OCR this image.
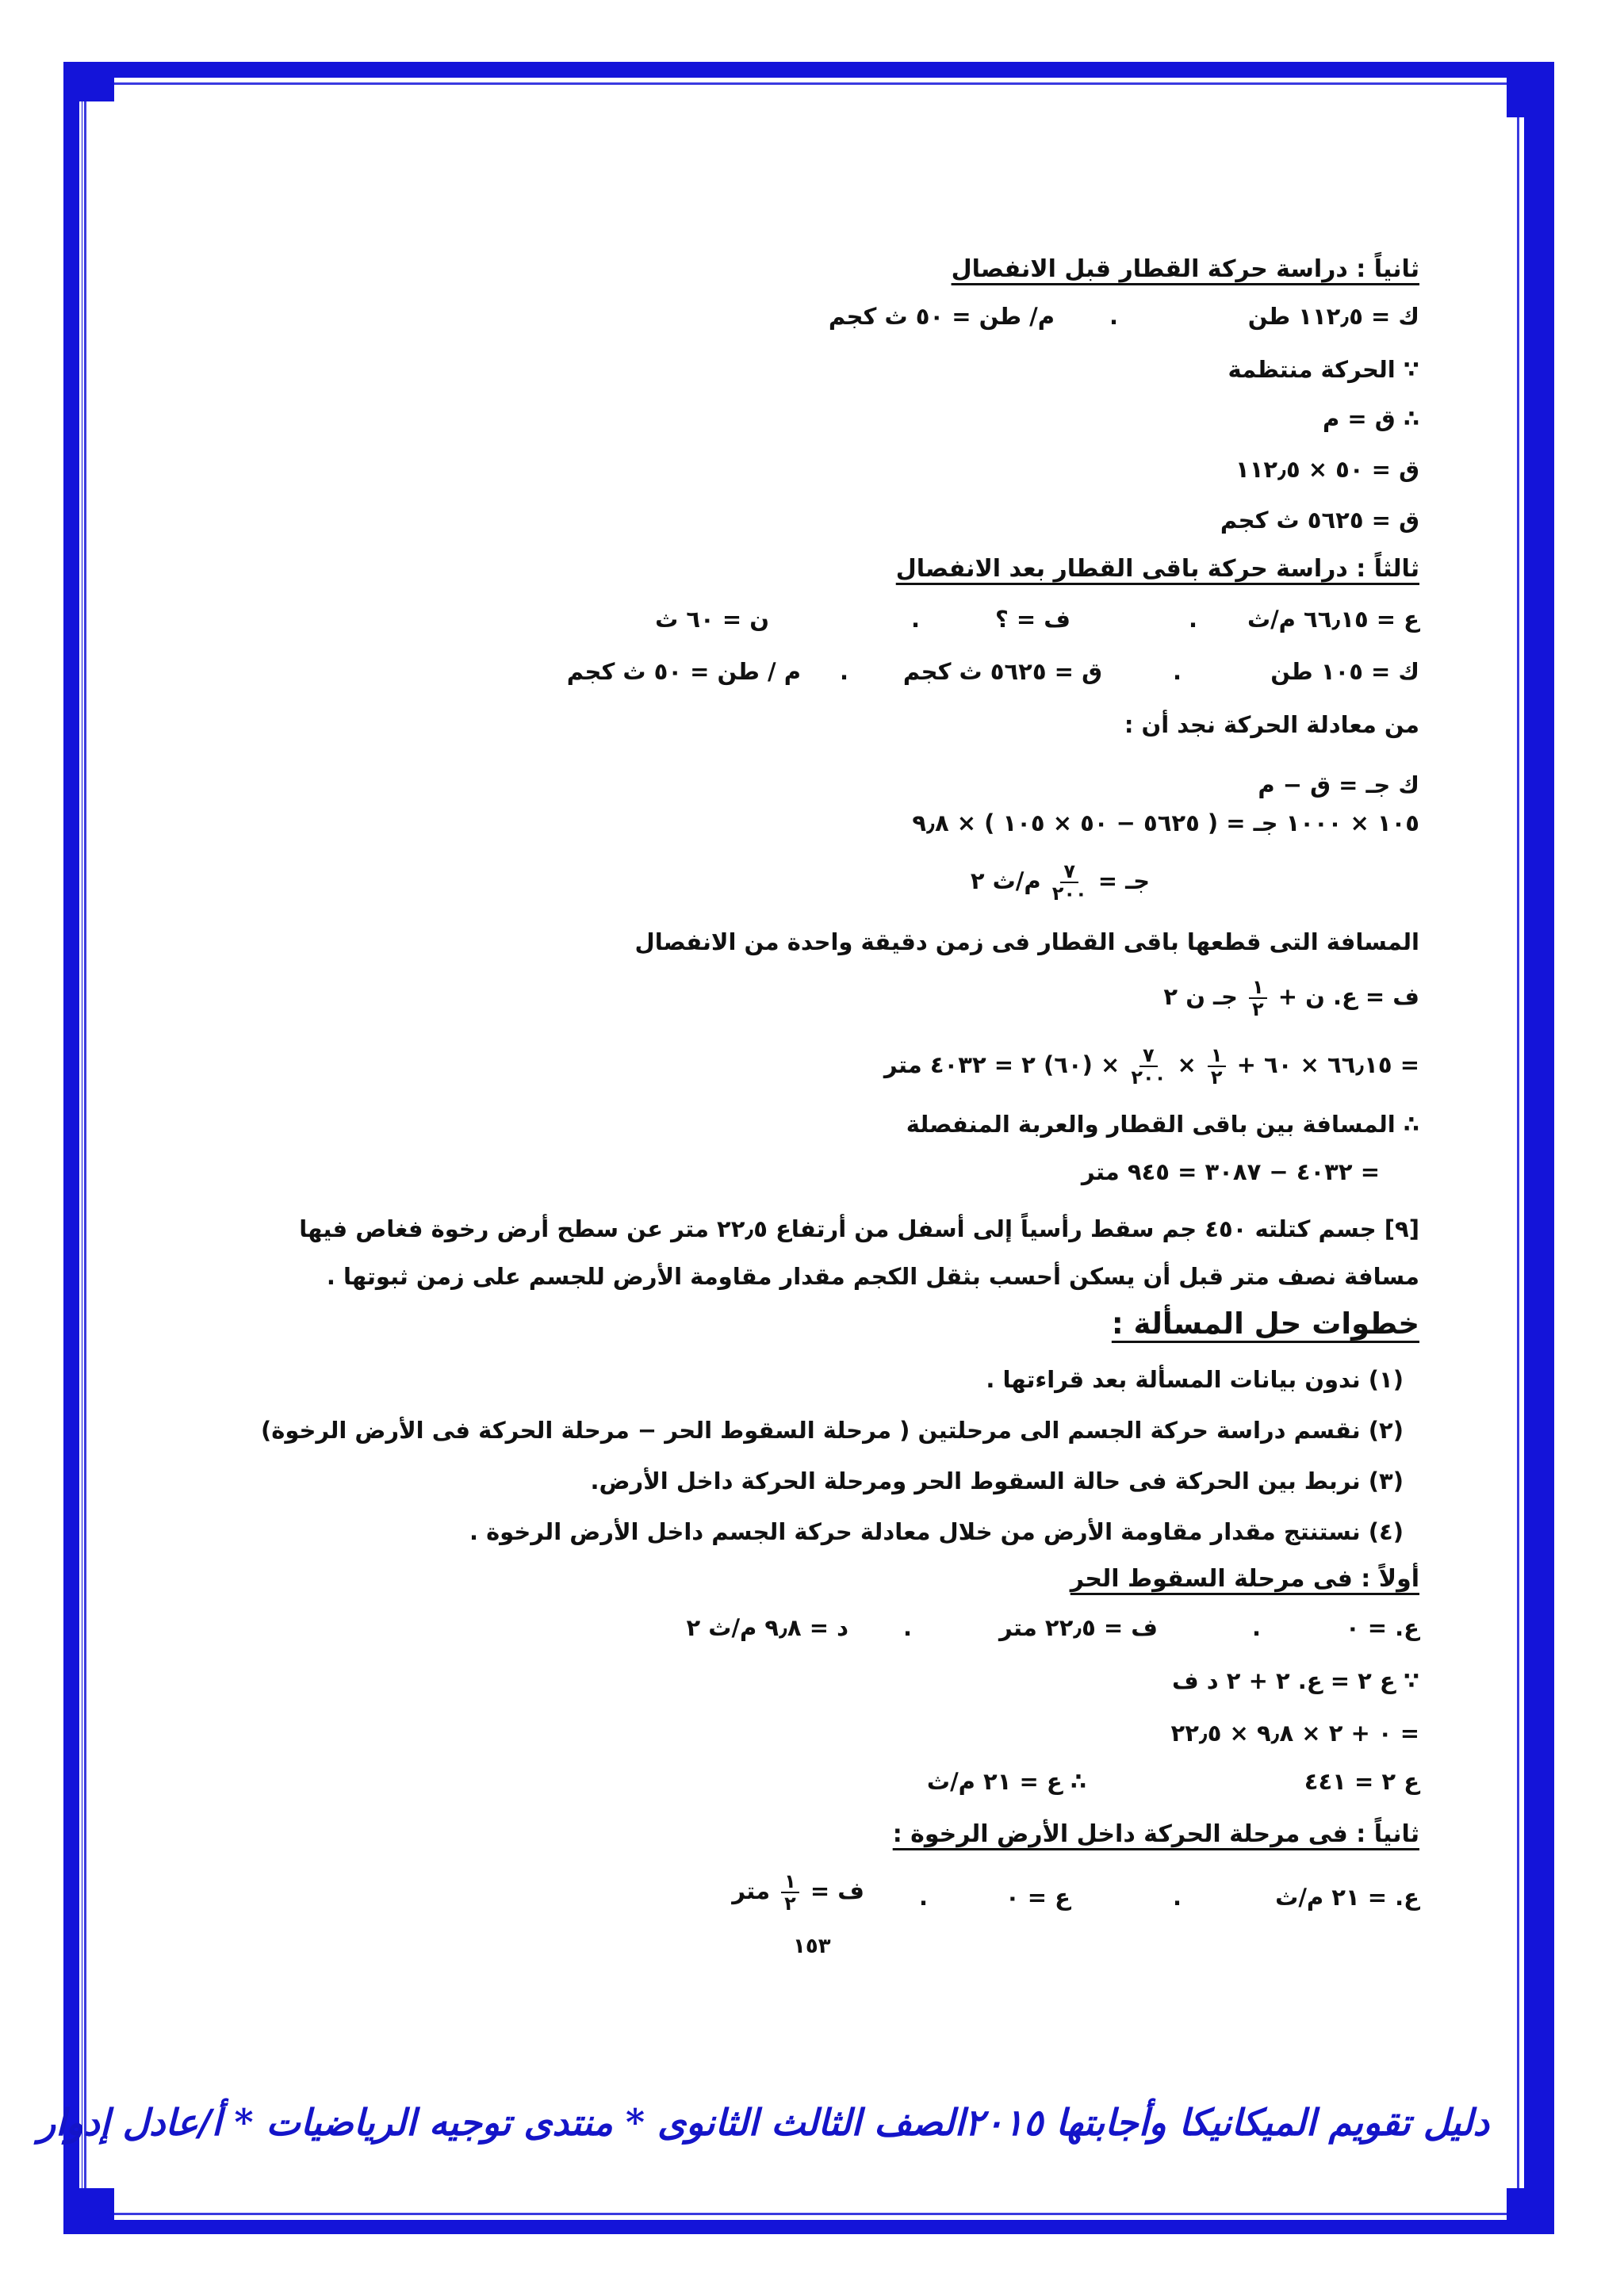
ثانياً : دراسة حركة القطار قبل الانفصال
ك = ١١٢٫٥ طن
.
م/ طن = ٥٠ ث كجم
∵ الحركة منتظمة
∴ ق = م
ق = ٥٠ × ١١٢٫٥
ق = ٥٦٢٥ ث كجم
ثالثاً : دراسة حركة باقى القطار بعد الانفصال
ع = ٦٦٫١٥ م/ث
.
ف = ؟
.
ن = ٦٠ ث
ك = ١٠٥ طن
.
ق = ٥٦٢٥ ث كجم
.
م / طن = ٥٠ ث كجم
من معادلة الحركة نجد أن :
ك جـ = ق − م
١٠٥ × ١٠٠٠ جـ = ( ٥٦٢٥ − ٥٠ × ١٠٥ ) × ٩٫٨
جـ =
$\frac{٧}{٢٠٠}$
م/ث ٢
المسافة التى قطعها باقى القطار فى زمن دقيقة واحدة من الانفصال
ف = ع. ن +
$\frac{١}{٢}$
جـ ن ٢
= ٦٦٫١٥ × ٦٠ +
$\frac{١}{٢}$
×
$\frac{٧}{٢٠٠}$
× (٦٠) ٢ = ٤٠٣٢ متر
∴ المسافة بين باقى القطار والعربة المنفصلة
= ٤٠٣٢ − ٣٠٨٧ = ٩٤٥ متر
[٩] جسم كتلته ٤٥٠ جم سقط رأسياً إلى أسفل من أرتفاع ٢٢٫٥ متر عن سطح أرض رخوة فغاص فيها
مسافة نصف متر قبل أن يسكن أحسب بثقل الكجم مقدار مقاومة الأرض للجسم على زمن ثبوتها .
خطوات حل المسألة :
(١) ندون بيانات المسألة بعد قراءتها .
(٢) نقسم دراسة حركة الجسم الى مرحلتين ( مرحلة السقوط الحر − مرحلة الحركة فى الأرض الرخوة)
(٣) نربط بين الحركة فى حالة السقوط الحر ومرحلة الحركة داخل الأرض.
(٤) نستنتج مقدار مقاومة الأرض من خلال معادلة حركة الجسم داخل الأرض الرخوة .
أولاً : فى مرحلة السقوط الحر
ع. = ٠
.
ف = ٢٢٫٥ متر
.
د = ٩٫٨ م/ث ٢
∵ ع ٢ = ع. ٢ + ٢ د ف
= ٠ + ٢ × ٩٫٨ × ٢٢٫٥
ع ٢ = ٤٤١
∴ ع = ٢١ م/ث
ثانياً : فى مرحلة الحركة داخل الأرض الرخوة :
ع. = ٢١ م/ث
.
ع = ٠
.
ف =
$\frac{١}{٢}$
متر
١٥٣
دليل تقويم الميكانيكا وأجابتها ٢٠١٥الصف الثالث الثانوى * منتدى توجيه الرياضيات * أ/عادل إدوار
